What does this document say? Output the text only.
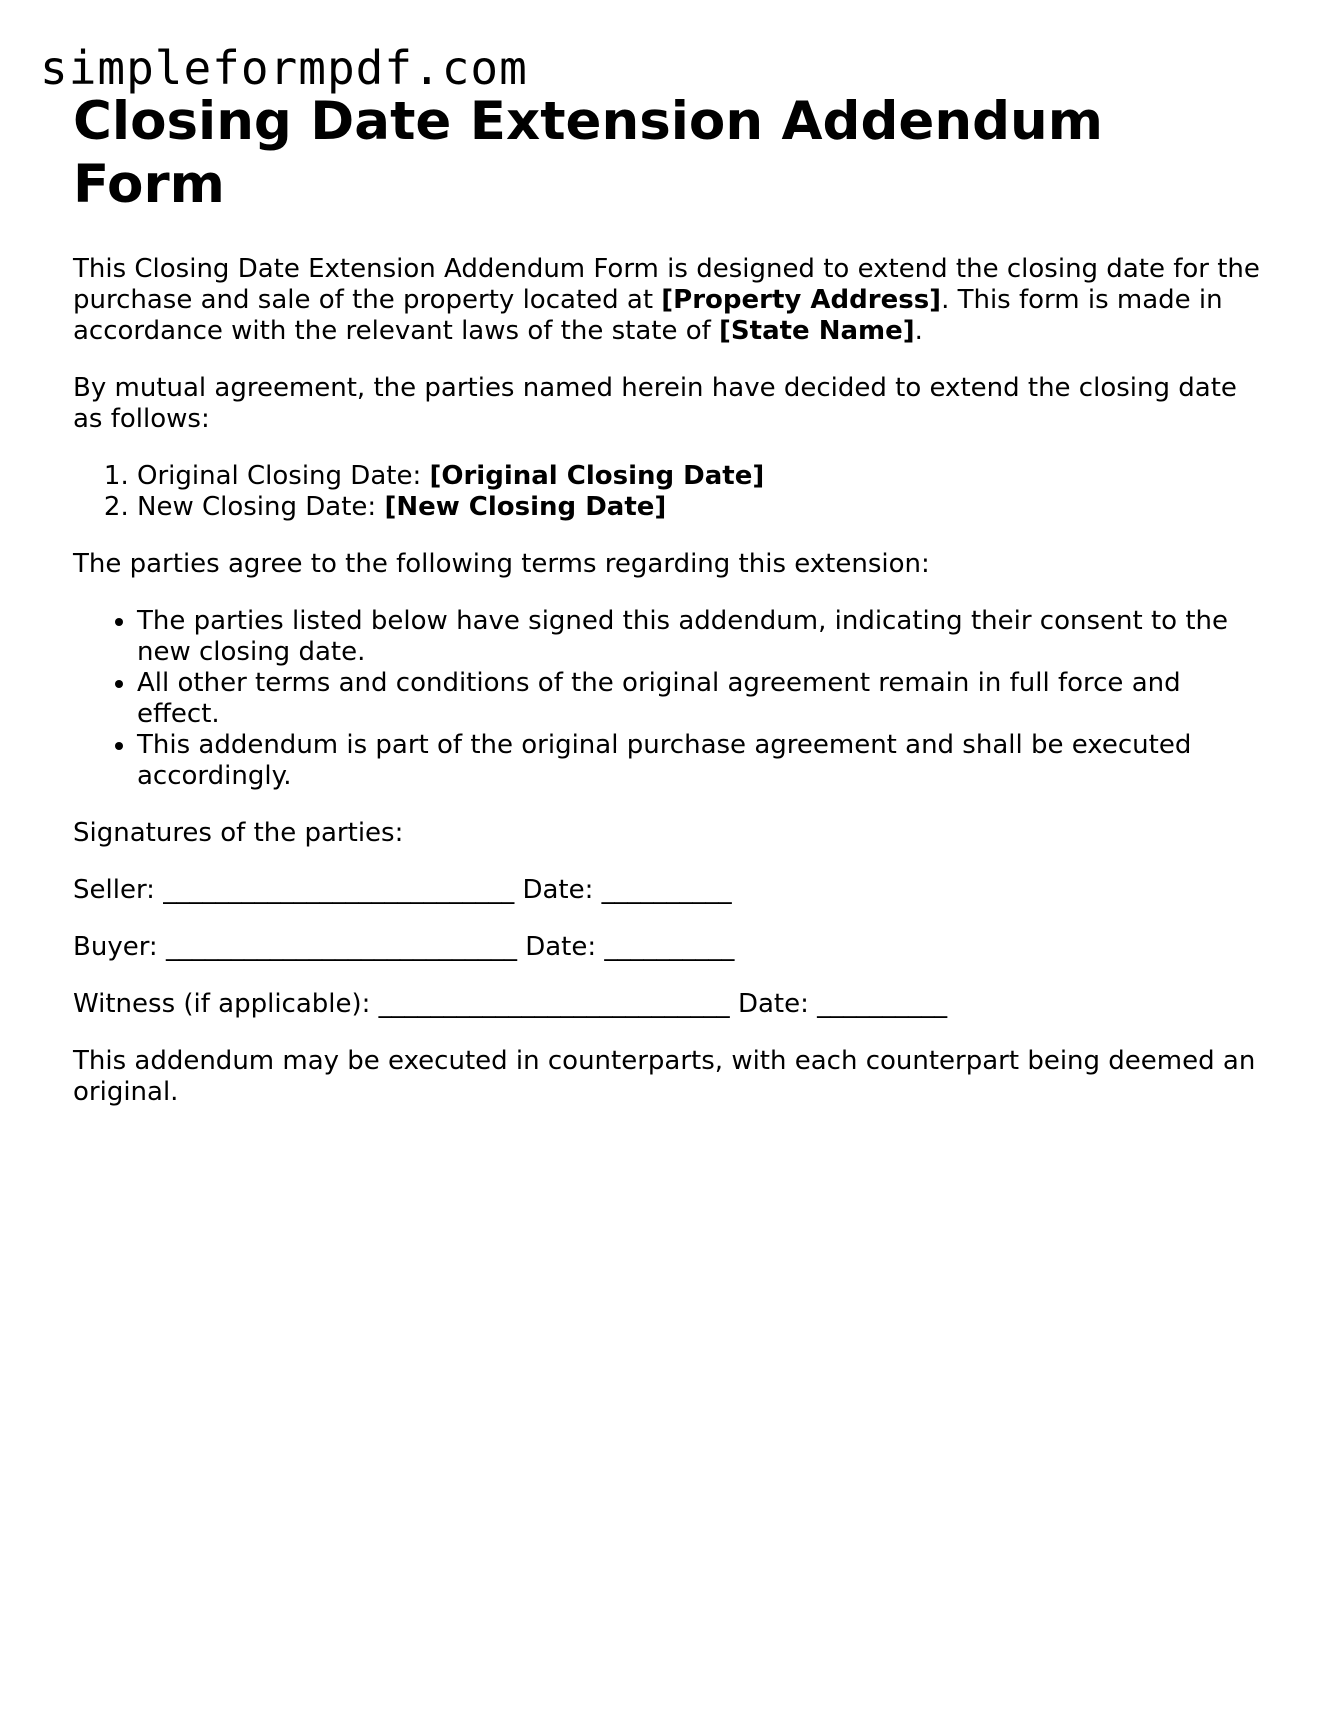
simpleformpdf.com
Closing Date Extension Addendum Form

This Closing Date Extension Addendum Form is designed to extend the closing date for the purchase and sale of the property located at [Property Address]. This form is made in accordance with the relevant laws of the state of [State Name].

By mutual agreement, the parties named herein have decided to extend the closing date as follows:

1. Original Closing Date: [Original Closing Date]
2. New Closing Date: [New Closing Date]

The parties agree to the following terms regarding this extension:

• The parties listed below have signed this addendum, indicating their consent to the new closing date.
• All other terms and conditions of the original agreement remain in full force and effect.
• This addendum is part of the original purchase agreement and shall be executed accordingly.

Signatures of the parties:

Seller: ___________________________ Date: __________

Buyer: ___________________________ Date: __________

Witness (if applicable): ___________________________ Date: __________

This addendum may be executed in counterparts, with each counterpart being deemed an original.
